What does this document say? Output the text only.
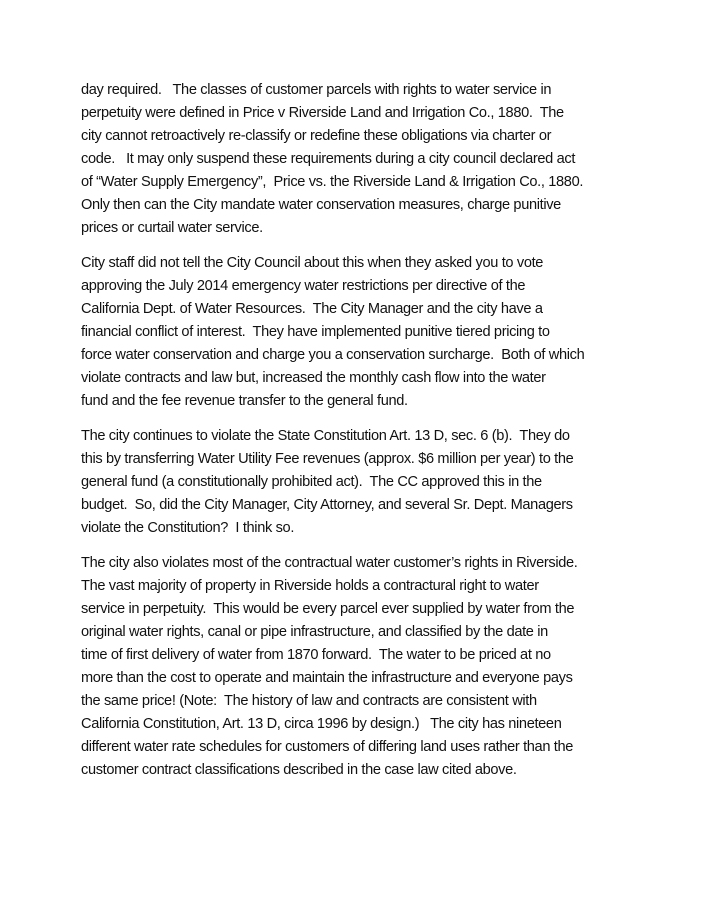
day required.   The classes of customer parcels with rights to water service in
perpetuity were defined in Price v Riverside Land and Irrigation Co., 1880.  The
city cannot retroactively re-classify or redefine these obligations via charter or
code.   It may only suspend these requirements during a city council declared act
of “Water Supply Emergency”,  Price vs. the Riverside Land & Irrigation Co., 1880.
Only then can the City mandate water conservation measures, charge punitive
prices or curtail water service.

City staff did not tell the City Council about this when they asked you to vote
approving the July 2014 emergency water restrictions per directive of the
California Dept. of Water Resources.  The City Manager and the city have a
financial conflict of interest.  They have implemented punitive tiered pricing to
force water conservation and charge you a conservation surcharge.  Both of which
violate contracts and law but, increased the monthly cash flow into the water
fund and the fee revenue transfer to the general fund.

The city continues to violate the State Constitution Art. 13 D, sec. 6 (b).  They do
this by transferring Water Utility Fee revenues (approx. $6 million per year) to the
general fund (a constitutionally prohibited act).  The CC approved this in the
budget.  So, did the City Manager, City Attorney, and several Sr. Dept. Managers
violate the Constitution?  I think so.

The city also violates most of the contractual water customer’s rights in Riverside.
The vast majority of property in Riverside holds a contractural right to water
service in perpetuity.  This would be every parcel ever supplied by water from the
original water rights, canal or pipe infrastructure, and classified by the date in
time of first delivery of water from 1870 forward.  The water to be priced at no
more than the cost to operate and maintain the infrastructure and everyone pays
the same price! (Note:  The history of law and contracts are consistent with
California Constitution, Art. 13 D, circa 1996 by design.)   The city has nineteen
different water rate schedules for customers of differing land uses rather than the
customer contract classifications described in the case law cited above.
